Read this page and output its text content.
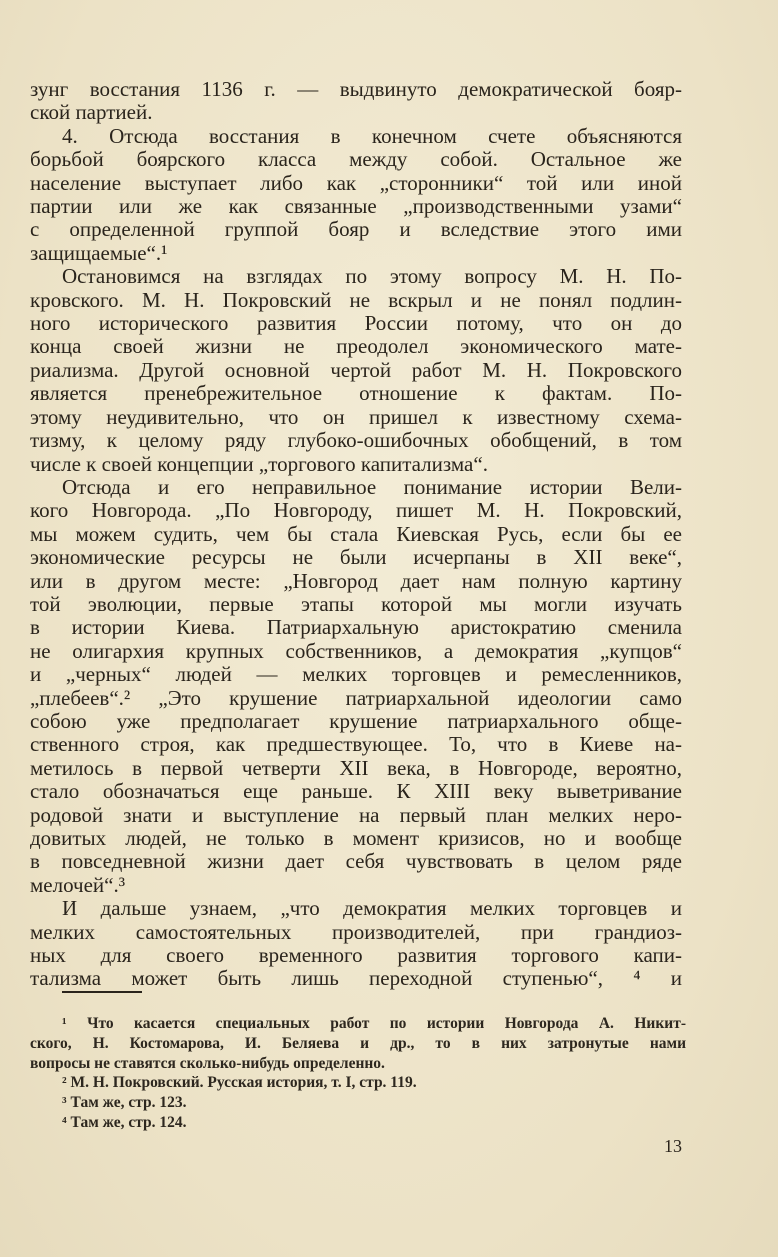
зунг восстания 1136 г. — выдвинуто демократической бояр-
ской партией.
4. Отсюда восстания в конечном счете объясняются
борьбой боярского класса между собой. Остальное же
население выступает либо как „сторонники“ той или иной
партии или же как связанные „производственными узами“
с определенной группой бояр и вследствие этого ими
защищаемые“.¹
Остановимся на взглядах по этому вопросу М. Н. По-
кровского. М. Н. Покровский не вскрыл и не понял подлин-
ного исторического развития России потому, что он до
конца своей жизни не преодолел экономического мате-
риализма. Другой основной чертой работ М. Н. Покровского
является пренебрежительное отношение к фактам. По-
этому неудивительно, что он пришел к известному схема-
тизму, к целому ряду глубоко-ошибочных обобщений, в том
числе к своей концепции „торгового капитализма“.
Отсюда и его неправильное понимание истории Вели-
кого Новгорода. „По Новгороду, пишет М. Н. Покровский,
мы можем судить, чем бы стала Киевская Русь, если бы ее
экономические ресурсы не были исчерпаны в XII веке“,
или в другом месте: „Новгород дает нам полную картину
той эволюции, первые этапы которой мы могли изучать
в истории Киева. Патриархальную аристократию сменила
не олигархия крупных собственников, а демократия „купцов“
и „черных“ людей — мелких торговцев и ремесленников,
„плебеев“.² „Это крушение патриархальной идеологии само
собою уже предполагает крушение патриархального обще-
ственного строя, как предшествующее. То, что в Киеве на-
метилось в первой четверти XII века, в Новгороде, вероятно,
стало обозначаться еще раньше. К XIII веку выветривание
родовой знати и выступление на первый план мелких неро-
довитых людей, не только в момент кризисов, но и вообще
в повседневной жизни дает себя чувствовать в целом ряде
мелочей“.³
И дальше узнаем, „что демократия мелких торговцев и
мелких самостоятельных производителей, при грандиоз-
ных для своего временного развития торгового капи-
тализма может быть лишь переходной ступенью“, ⁴ и
¹ Что касается специальных работ по истории Новгорода А. Никит-
ского, Н. Костомарова, И. Беляева и др., то в них затронутые нами
вопросы не ставятся сколько-нибудь определенно.
² М. Н. Покровский. Русская история, т. I, стр. 119.
³ Там же, стр. 123.
⁴ Там же, стр. 124.
13
